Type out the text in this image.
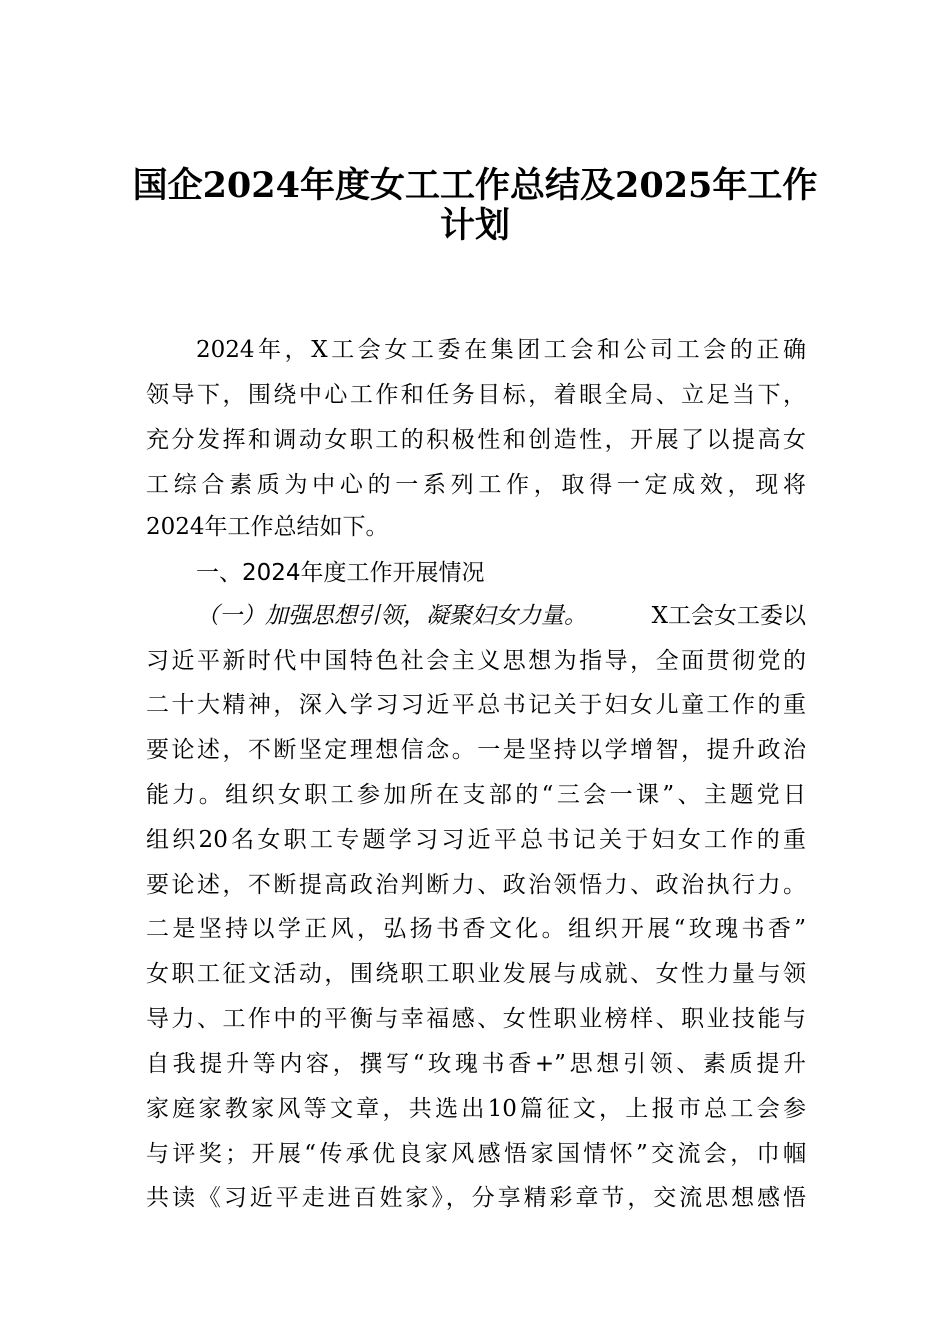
国企2024年度女工工作总结及2025年工作
计划

2024年，X工会女工委在集团工会和公司工会的正确

领导下，围绕中心工作和任务目标，着眼全局、立足当下，

充分发挥和调动女职工的积极性和创造性，开展了以提高女

工综合素质为中心的一系列工作，取得一定成效，现将

2024年工作总结如下。

一、2024年度工作开展情况

（一）加强思想引领，凝聚妇女力量。	X工会女工委以

习近平新时代中国特色社会主义思想为指导，全面贯彻党的

二十大精神，深入学习习近平总书记关于妇女儿童工作的重

要论述，不断坚定理想信念。一是坚持以学增智，提升政治

能力。组织女职工参加所在支部的“三会一课”、主题党日

组织20名女职工专题学习习近平总书记关于妇女工作的重

要论述，不断提高政治判断力、政治领悟力、政治执行力。

二是坚持以学正风，弘扬书香文化。组织开展“玫瑰书香”

女职工征文活动，围绕职工职业发展与成就、女性力量与领

导力、工作中的平衡与幸福感、女性职业榜样、职业技能与

自我提升等内容，撰写“玫瑰书香+”思想引领、素质提升

家庭家教家风等文章，共选出10篇征文，上报市总工会参

与评奖；开展“传承优良家风感悟家国情怀”交流会，巾帼

共读《习近平走进百姓家》，分享精彩章节，交流思想感悟
